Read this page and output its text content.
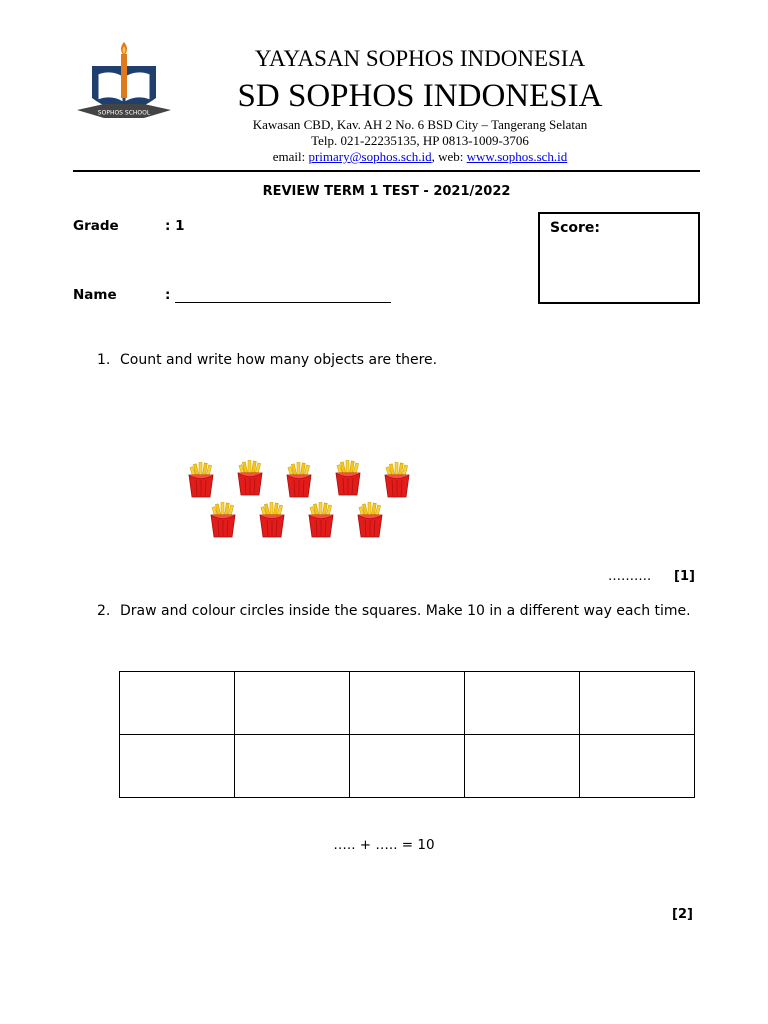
SOPHOS SCHOOL
YAYASAN SOPHOS INDONESIA
SD SOPHOS INDONESIA
Kawasan CBD, Kav. AH 2 No. 6 BSD City – Tangerang Selatan
Telp. 021-22235135, HP 0813-1009-3706
email: primary@sophos.sch.id, web: www.sophos.sch.id
REVIEW TERM 1 TEST - 2021/2022
Grade	: 1
Name	:
Score:
1. Count and write how many objects are there.
………. [1]
2. Draw and colour circles inside the squares. Make 10 in a different way each time.

….. + ….. = 10
[2]
